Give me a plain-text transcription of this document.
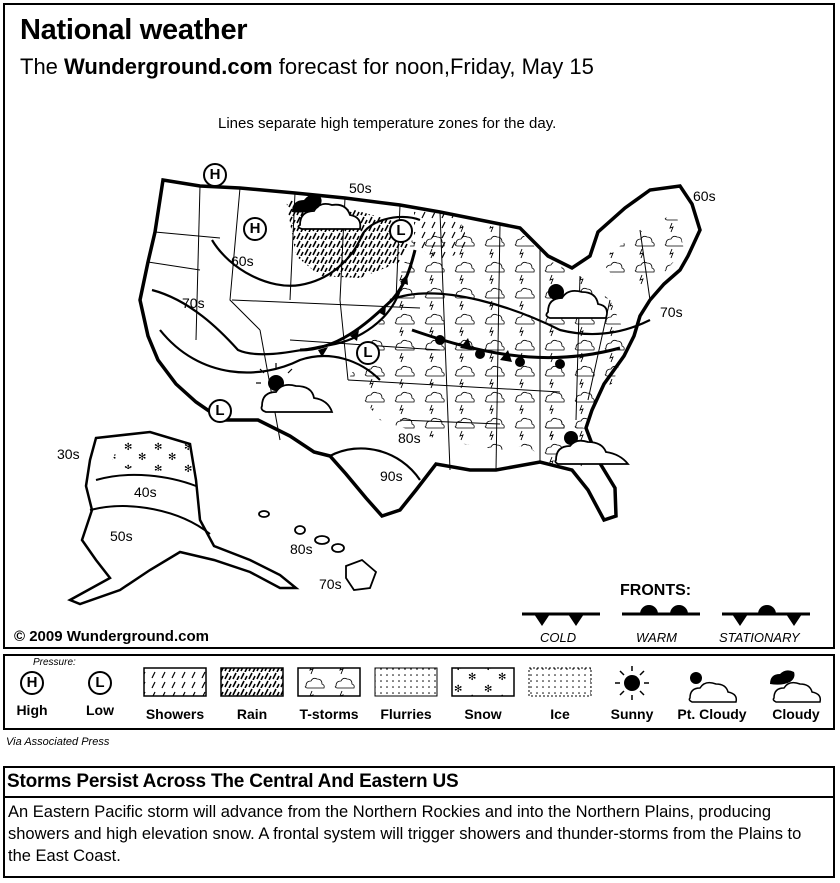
National weather
The Wunderground.com forecast for noon,Friday, May 15
Lines separate high temperature zones for the day.
50s	60s
60s
70s
70s
80s
90s
30s
40s
50s
80s
70s
H
H	L
L
L
© 2009 Wunderground.com
FRONTS:
COLD	WARM	STATIONARY
Pressure:
H	L
High	Low	Showers	Rain	T-storms	Flurries	Snow	Ice	Sunny	Pt. Cloudy	Cloudy
Via Associated Press
Storms Persist Across The Central And Eastern US
An Eastern Pacific storm will advance from the Northern Rockies and into the Northern Plains, producing showers and high elevation snow. A frontal system will trigger showers and thunder-storms from the Plains to the East Coast.
